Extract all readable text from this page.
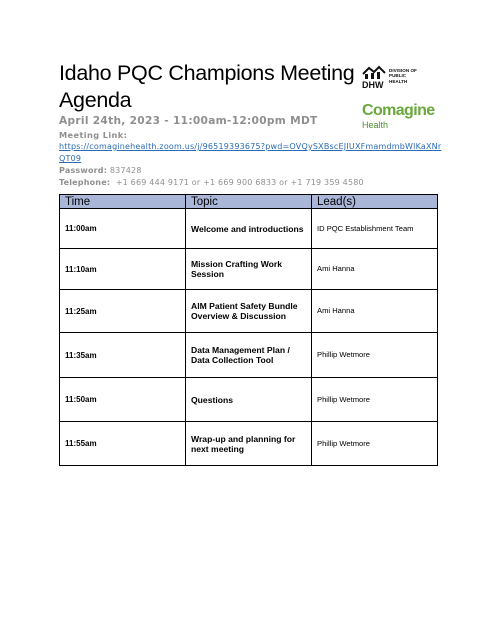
Idaho PQC Champions Meeting Agenda
DHW
DIVISION OF
PUBLIC
HEALTH
Comagine
Health
April 24th, 2023 - 11:00am-12:00pm MDT
Meeting Link:
https://comaginehealth.zoom.us/j/96519393675?pwd=OVQySXBscEJIUXFmamdmbWlKaXNrQT09
Password: 837428
Telephone: +1 669 444 9171 or +1 669 900 6833 or +1 719 359 4580
Time	Topic	Lead(s)
11:00am	Welcome and introductions	ID PQC Establishment Team
11:10am	Mission Crafting Work Session	Ami Hanna
11:25am	AIM Patient Safety Bundle Overview & Discussion	Ami Hanna
11:35am	Data Management Plan / Data Collection Tool	Phillip Wetmore
11:50am	Questions	Phillip Wetmore
11:55am	Wrap-up and planning for next meeting	Phillip Wetmore
